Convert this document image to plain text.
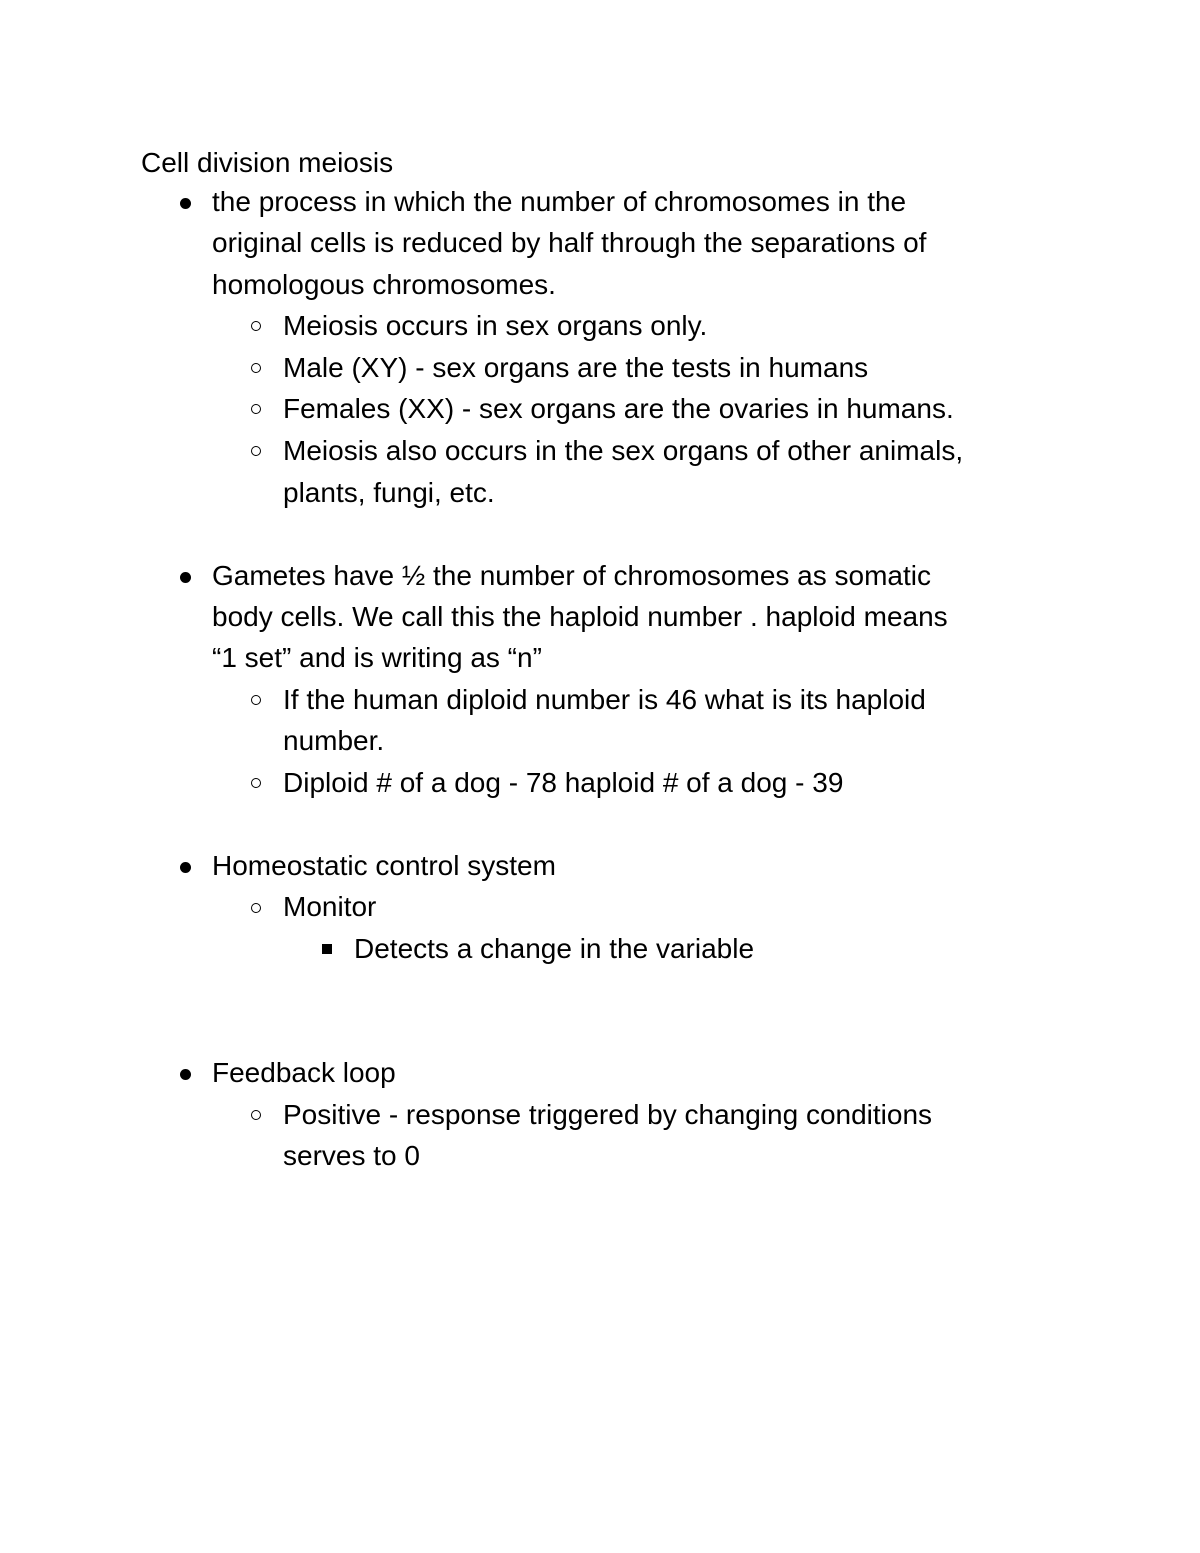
Cell division meiosis
the process in which the number of chromosomes in the
original cells is reduced by half through the separations of
homologous chromosomes.
Meiosis occurs in sex organs only.
Male (XY) - sex organs are the tests in humans
Females (XX) - sex organs are the ovaries in humans.
Meiosis also occurs in the sex organs of other animals,
plants, fungi, etc.
Gametes have ½ the number of chromosomes as somatic
body cells. We call this the haploid number . haploid means
“1 set” and is writing as “n”
If the human diploid number is 46 what is its haploid
number.
Diploid # of a dog - 78 haploid # of a dog - 39
Homeostatic control system
Monitor
Detects a change in the variable
Feedback loop
Positive - response triggered by changing conditions
serves to 0
